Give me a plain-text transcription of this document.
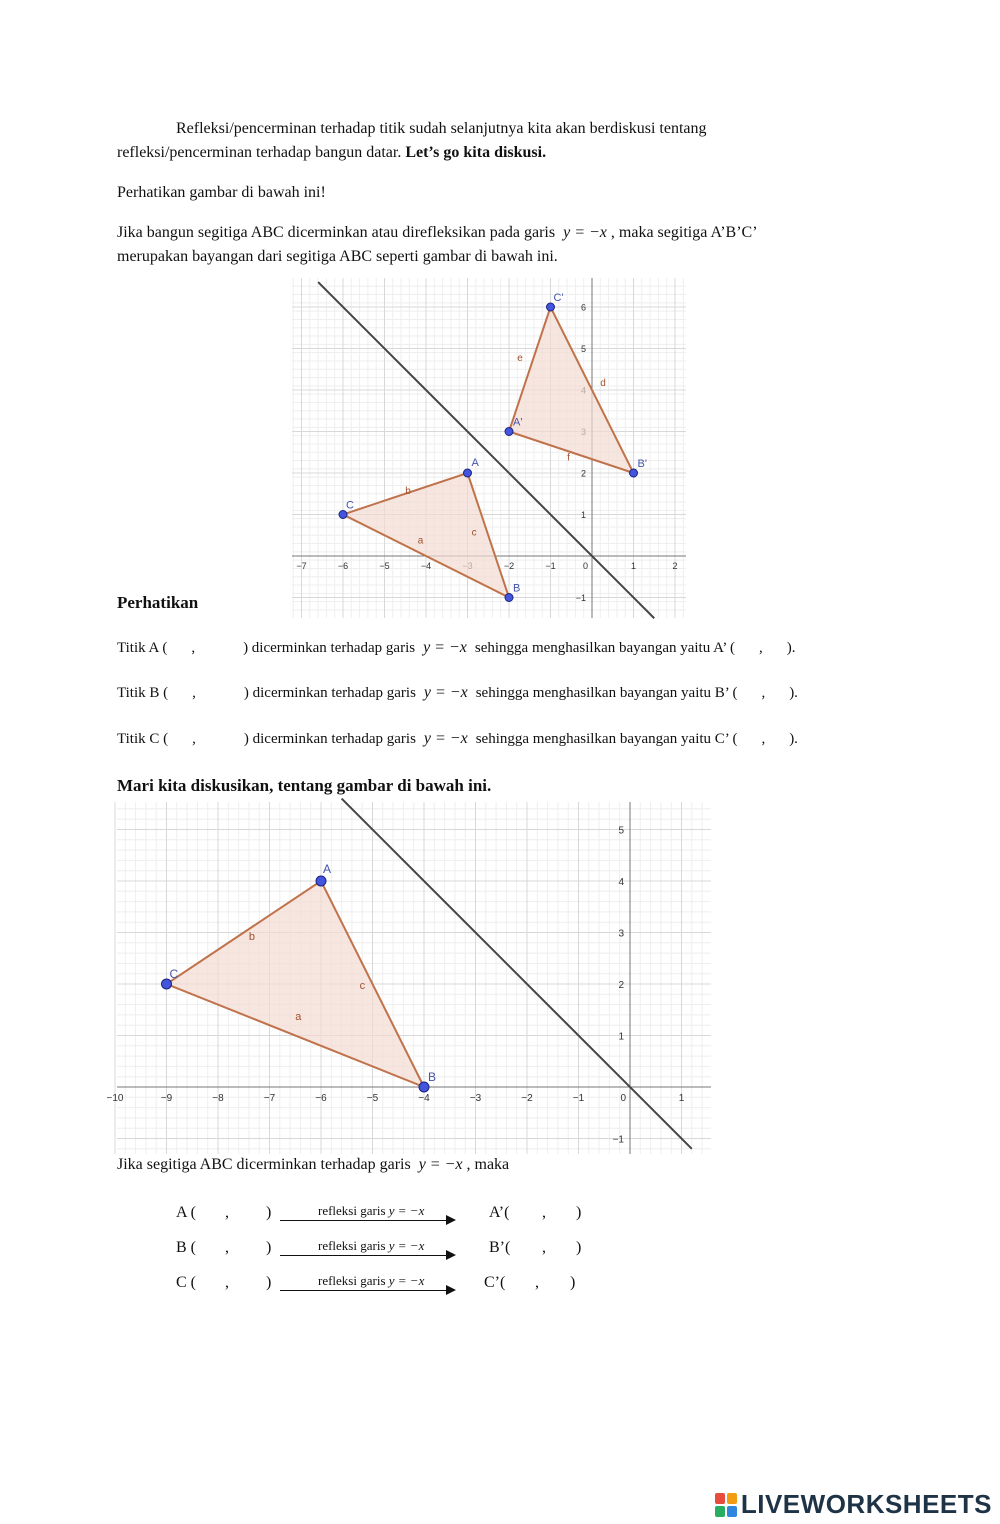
Refleksi/pencerminan terhadap titik sudah selanjutnya kita akan berdiskusi tentang
refleksi/pencerminan terhadap bangun datar. Let’s go kita diskusi.
Perhatikan gambar di bawah ini!
Jika bangun segitiga ABC dicerminkan atau direfleksikan pada garis y = −x , maka segitiga A’B’C’
merupakan bayangan dari segitiga ABC seperti gambar di bawah ini.
−7	−6	−5	−4	−2	−1	0	1	2
−1
1
2
5
6
a
b
c
d
e
f
A
B
C
A'
B'
C'
Perhatikan
Titik A ( ,	) dicerminkan terhadap garis y = −x sehingga menghasilkan bayangan yaitu A’ ( , ).
Titik B ( ,	) dicerminkan terhadap garis y = −x sehingga menghasilkan bayangan yaitu B’ ( , ).
Titik C ( ,	) dicerminkan terhadap garis y = −x sehingga menghasilkan bayangan yaitu C’ ( , ).
Mari kita diskusikan, tentang gambar di bawah ini.
−10	−9	−8	−7	−6	−5	−4	−3	−2	−1	0	1
−1
1
2
3
4
5
a
b
c
A
B
C
Jika segitiga ABC dicerminkan terhadap garis y = −x , maka
A ( , )	refleksi garis y = −x	A’( , )
B ( , )	refleksi garis y = −x	B’( , )
C ( , )	refleksi garis y = −x	C’( , )
LIVEWORKSHEETS
